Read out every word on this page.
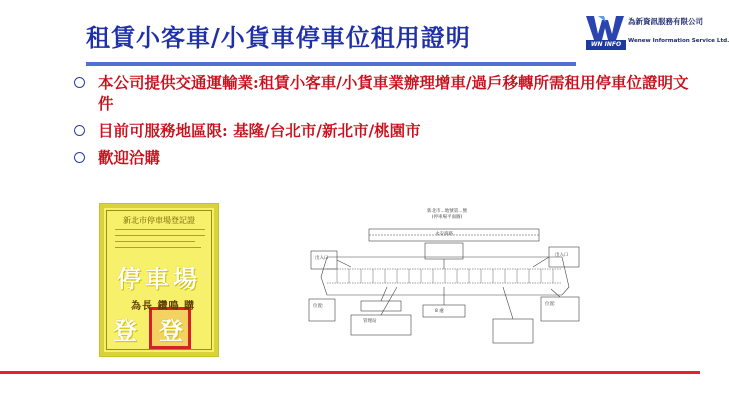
租賃小客車/小貨車停車位租用證明	WN INFO
為新資訊服務有限公司
Wenew Information Service Ltd.
本公司提供交通運輸業:租賃小客車/小貨車業辦理增車/過戶移轉所需租用停車位證明文件
目前可服務地區限: 基隆/台北市/新北市/桃園市
歡迎洽購
新北市停車場登記證
停車場
為長 鑽鳴 購
登登
新北市...地號第...號
(停車場平面圖)
永安商路
出入口
出入口
位置:
管理站
8 處
位置:
